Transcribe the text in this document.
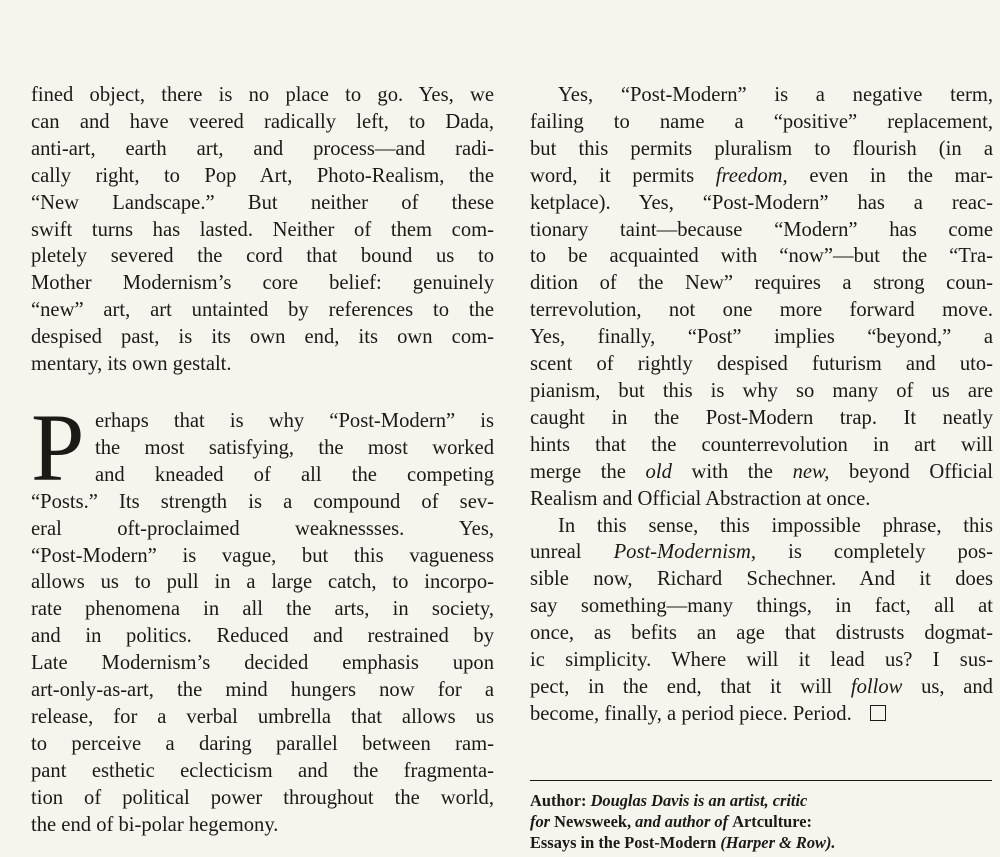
fined object, there is no place to go. Yes, we
can and have veered radically left, to Dada,
anti-art, earth art, and process—and radi-
cally right, to Pop Art, Photo-Realism, the
“New Landscape.” But neither of these
swift turns has lasted. Neither of them com-
pletely severed the cord that bound us to
Mother Modernism’s core belief: genuinely
“new” art, art untainted by references to the
despised past, is its own end, its own com-
mentary, its own gestalt.

P erhaps that is why “Post-Modern” is
the most satisfying, the most worked
and kneaded of all the competing
“Posts.” Its strength is a compound of sev-
eral oft-proclaimed weaknessses. Yes,
“Post-Modern” is vague, but this vagueness
allows us to pull in a large catch, to incorpo-
rate phenomena in all the arts, in society,
and in politics. Reduced and restrained by
Late Modernism’s decided emphasis upon
art-only-as-art, the mind hungers now for a
release, for a verbal umbrella that allows us
to perceive a daring parallel between ram-
pant esthetic eclecticism and the fragmenta-
tion of political power throughout the world,
the end of bi-polar hegemony.

Yes, “Post-Modern” is a negative term,
failing to name a “positive” replacement,
but this permits pluralism to flourish (in a
word, it permits freedom, even in the mar-
ketplace). Yes, “Post-Modern” has a reac-
tionary taint—because “Modern” has come
to be acquainted with “now”—but the “Tra-
dition of the New” requires a strong coun-
terrevolution, not one more forward move.
Yes, finally, “Post” implies “beyond,” a
scent of rightly despised futurism and uto-
pianism, but this is why so many of us are
caught in the Post-Modern trap. It neatly
hints that the counterrevolution in art will
merge the old with the new, beyond Official
Realism and Official Abstraction at once.

In this sense, this impossible phrase, this
unreal Post-Modernism, is completely pos-
sible now, Richard Schechner. And it does
say something—many things, in fact, all at
once, as befits an age that distrusts dogmat-
ic simplicity. Where will it lead us? I sus-
pect, in the end, that it will follow us, and
become, finally, a period piece. Period.

Author: Douglas Davis is an artist, critic
for Newsweek, and author of Artculture:
Essays in the Post-Modern (Harper & Row).
